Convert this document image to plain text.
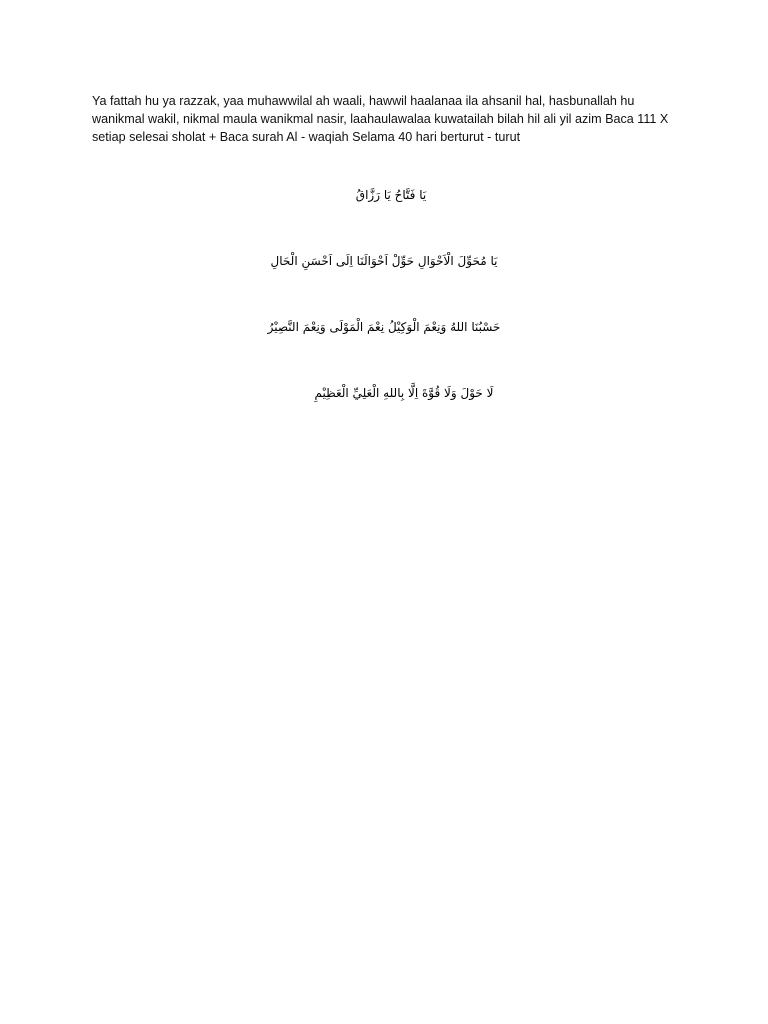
Ya fattah hu ya razzak, yaa muhawwilal ah waali, hawwil haalanaa ila ahsanil hal, hasbunallah hu wanikmal wakil, nikmal maula wanikmal nasir, laahaulawalaa kuwatailah bilah hil ali yil azim Baca 111 X setiap selesai sholat + Baca surah Al - waqiah Selama 40 hari berturut - turut

يَا فَتَّاحُ يَا رَزَّاقُ

يَا مُحَوِّلَ الْاَحْوَالِ حَوِّلْ اَحْوَالَنَا اِلَى اَحْسَنِ الْحَالِ

حَسْبُنَا اللهُ وَنِعْمَ الْوَكِيْلُ نِعْمَ الْمَوْلَى وَنِعْمَ النَّصِيْرُ

لَا حَوْلَ وَلَا قُوَّةَ اِلَّا بِاللهِ الْعَلِيِّ الْعَظِيْمِ
